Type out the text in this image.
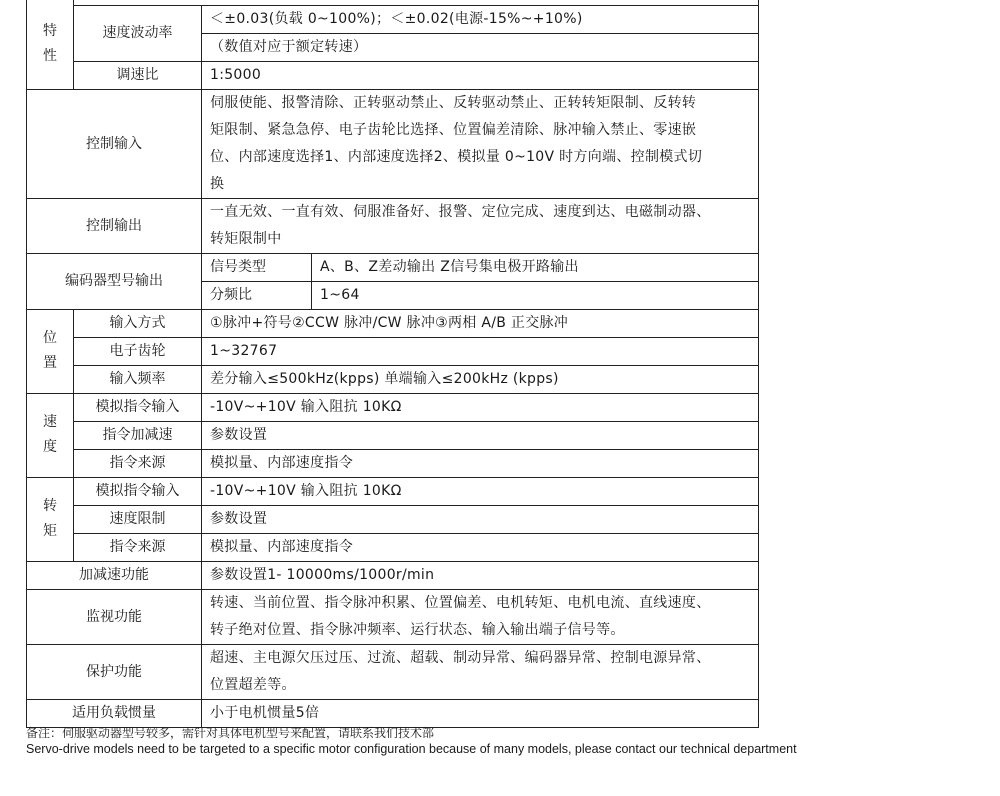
特性			
	速度波动率	＜±0.03(负载 0~100%)；＜±0.02(电源-15%~+10%)	
		（数值对应于额定转速）	
	调速比	1:5000	
控制输入		伺服使能、报警清除、正转驱动禁止、反转驱动禁止、正转转矩限制、反转转
矩限制、紧急急停、电子齿轮比选择、位置偏差清除、脉冲输入禁止、零速嵌
位、内部速度选择1、内部速度选择2、模拟量 0~10V 时方向端、控制模式切
换	

控制输出		一直无效、一直有效、伺服准备好、报警、定位完成、速度到达、电磁制动器、
转矩限制中	

编码器型号输出		信号类型	A、B、Z差动输出 Z信号集电极开路输出
		分频比	1~64
位置	输入方式	①脉冲+符号②CCW 脉冲/CW 脉冲③两相 A/B 正交脉冲	
	电子齿轮	1~32767	
	输入频率	差分输入≤500kHz(kpps) 单端输入≤200kHz (kpps)	
速度	模拟指令输入	-10V~+10V 输入阻抗 10KΩ	
	指令加减速	参数设置	
	指令来源	模拟量、内部速度指令	
转矩	模拟指令输入	-10V~+10V 输入阻抗 10KΩ	
	速度限制	参数设置	
	指令来源	模拟量、内部速度指令	
加减速功能		参数设置1- 10000ms/1000r/min	
监视功能		转速、当前位置、指令脉冲积累、位置偏差、电机转矩、电机电流、直线速度、
转子绝对位置、指令脉冲频率、运行状态、输入输出端子信号等。	

保护功能		超速、主电源欠压过压、过流、超载、制动异常、编码器异常、控制电源异常、
位置超差等。	

适用负载惯量		小于电机惯量5倍	
备注：伺服驱动器型号较多，需针对具体电机型号来配置，请联系我们技术部
Servo-drive models need to be targeted to a specific motor configuration because of many models, please contact our technical department
